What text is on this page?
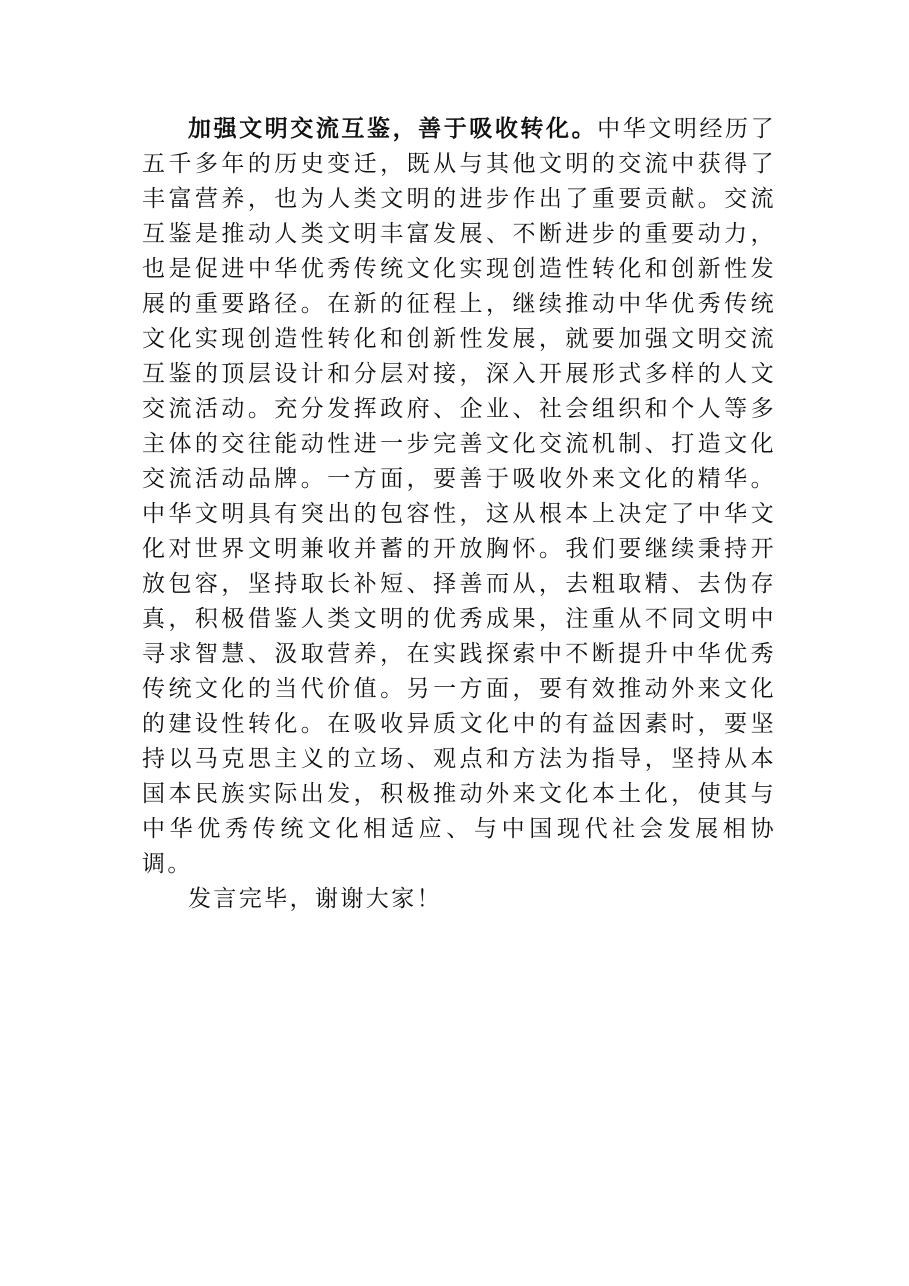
加强文明交流互鉴，善于吸收转化。中华文明经历了五千多年的历史变迁，既从与其他文明的交流中获得了丰富营养，也为人类文明的进步作出了重要贡献。交流互鉴是推动人类文明丰富发展、不断进步的重要动力，也是促进中华优秀传统文化实现创造性转化和创新性发展的重要路径。在新的征程上，继续推动中华优秀传统文化实现创造性转化和创新性发展，就要加强文明交流互鉴的顶层设计和分层对接，深入开展形式多样的人文交流活动。充分发挥政府、企业、社会组织和个人等多主体的交往能动性进一步完善文化交流机制、打造文化交流活动品牌。一方面，要善于吸收外来文化的精华。中华文明具有突出的包容性，这从根本上决定了中华文化对世界文明兼收并蓄的开放胸怀。我们要继续秉持开放包容，坚持取长补短、择善而从，去粗取精、去伪存真，积极借鉴人类文明的优秀成果，注重从不同文明中寻求智慧、汲取营养，在实践探索中不断提升中华优秀传统文化的当代价值。另一方面，要有效推动外来文化的建设性转化。在吸收异质文化中的有益因素时，要坚持以马克思主义的立场、观点和方法为指导，坚持从本国本民族实际出发，积极推动外来文化本土化，使其与中华优秀传统文化相适应、与中国现代社会发展相协调。

发言完毕，谢谢大家！
